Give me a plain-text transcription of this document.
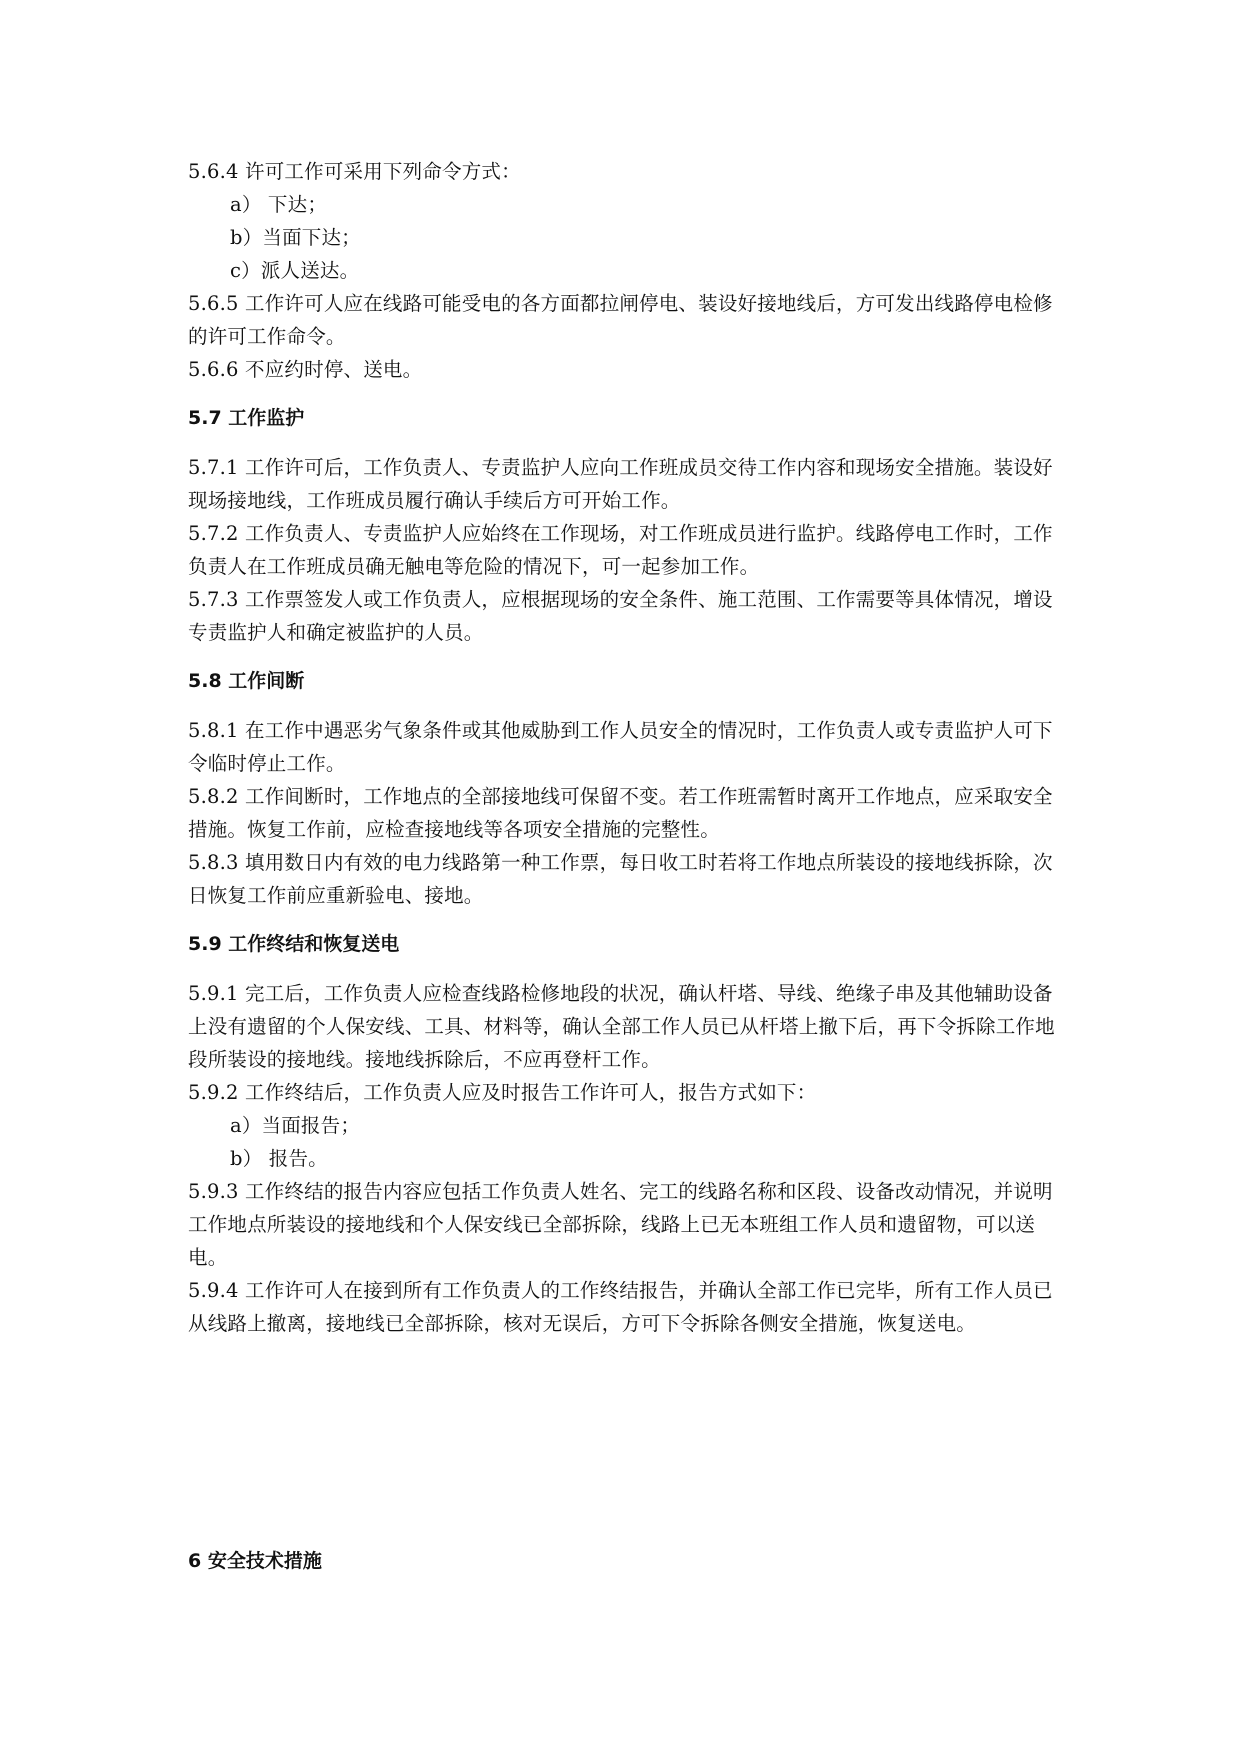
5.6.4 许可工作可采用下列命令方式：

a） 下达；

b）当面下达；

c）派人送达。

5.6.5 工作许可人应在线路可能受电的各方面都拉闸停电、装设好接地线后，方可发出线路停电检修的许可工作命令。

5.6.6 不应约时停、送电。

5.7 工作监护

5.7.1 工作许可后，工作负责人、专责监护人应向工作班成员交待工作内容和现场安全措施。装设好现场接地线，工作班成员履行确认手续后方可开始工作。

5.7.2 工作负责人、专责监护人应始终在工作现场，对工作班成员进行监护。线路停电工作时，工作负责人在工作班成员确无触电等危险的情况下，可一起参加工作。

5.7.3 工作票签发人或工作负责人，应根据现场的安全条件、施工范围、工作需要等具体情况，增设专责监护人和确定被监护的人员。

5.8 工作间断

5.8.1 在工作中遇恶劣气象条件或其他威胁到工作人员安全的情况时，工作负责人或专责监护人可下令临时停止工作。

5.8.2 工作间断时，工作地点的全部接地线可保留不变。若工作班需暂时离开工作地点，应采取安全措施。恢复工作前，应检查接地线等各项安全措施的完整性。

5.8.3 填用数日内有效的电力线路第一种工作票，每日收工时若将工作地点所装设的接地线拆除，次日恢复工作前应重新验电、接地。

5.9 工作终结和恢复送电

5.9.1 完工后，工作负责人应检查线路检修地段的状况，确认杆塔、导线、绝缘子串及其他辅助设备上没有遗留的个人保安线、工具、材料等，确认全部工作人员已从杆塔上撤下后，再下令拆除工作地段所装设的接地线。接地线拆除后，不应再登杆工作。

5.9.2 工作终结后，工作负责人应及时报告工作许可人，报告方式如下：

a）当面报告；

b） 报告。

5.9.3 工作终结的报告内容应包括工作负责人姓名、完工的线路名称和区段、设备改动情况，并说明工作地点所装设的接地线和个人保安线已全部拆除，线路上已无本班组工作人员和遗留物，可以送电。

5.9.4 工作许可人在接到所有工作负责人的工作终结报告，并确认全部工作已完毕，所有工作人员已从线路上撤离，接地线已全部拆除，核对无误后，方可下令拆除各侧安全措施，恢复送电。

6 安全技术措施
